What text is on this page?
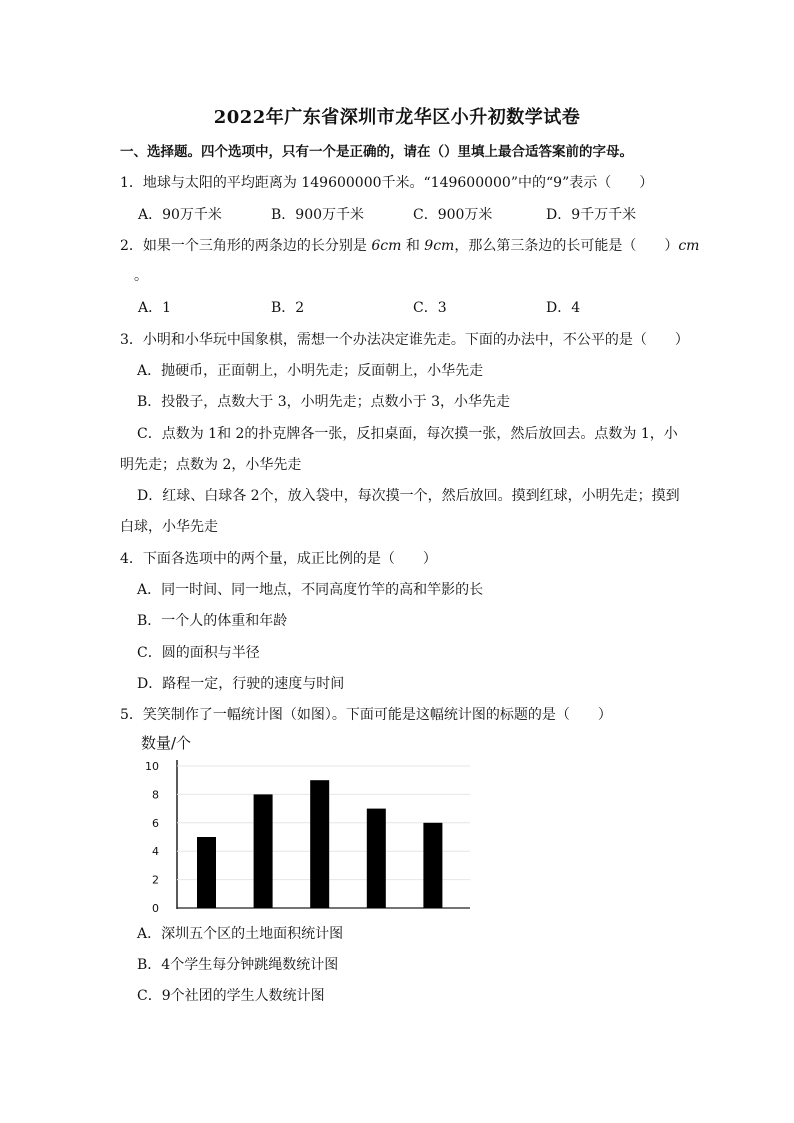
2022年广东省深圳市龙华区小升初数学试卷
一、选择题。四个选项中，只有一个是正确的，请在（）里填上最合适答案前的字母。
1．地球与太阳的平均距离为 149600000千米。“149600000”中的“9”表示（　　）
A．90万千米	B．900万千米	C．900万米	D．9千万千米
2．如果一个三角形的两条边的长分别是 6cm 和 9cm，那么第三条边的长可能是（　　）cm
。
A．1	B．2	C．3	D．4
3．小明和小华玩中国象棋，需想一个办法决定谁先走。下面的办法中，不公平的是（　　）
A．抛硬币，正面朝上，小明先走；反面朝上，小华先走
B．投骰子，点数大于 3，小明先走；点数小于 3，小华先走
C．点数为 1和 2的扑克牌各一张，反扣桌面，每次摸一张，然后放回去。点数为 1，小
明先走；点数为 2，小华先走
D．红球、白球各 2个，放入袋中，每次摸一个，然后放回。摸到红球，小明先走；摸到
白球，小华先走
4．下面各选项中的两个量，成正比例的是（　　）
A．同一时间、同一地点，不同高度竹竿的高和竿影的长
B．一个人的体重和年龄
C．圆的面积与半径
D．路程一定，行驶的速度与时间
5．笑笑制作了一幅统计图（如图）。下面可能是这幅统计图的标题的是（　　）
数量/个
0
2
4
6
8
10
A．深圳五个区的土地面积统计图
B．4个学生每分钟跳绳数统计图
C．9个社团的学生人数统计图
